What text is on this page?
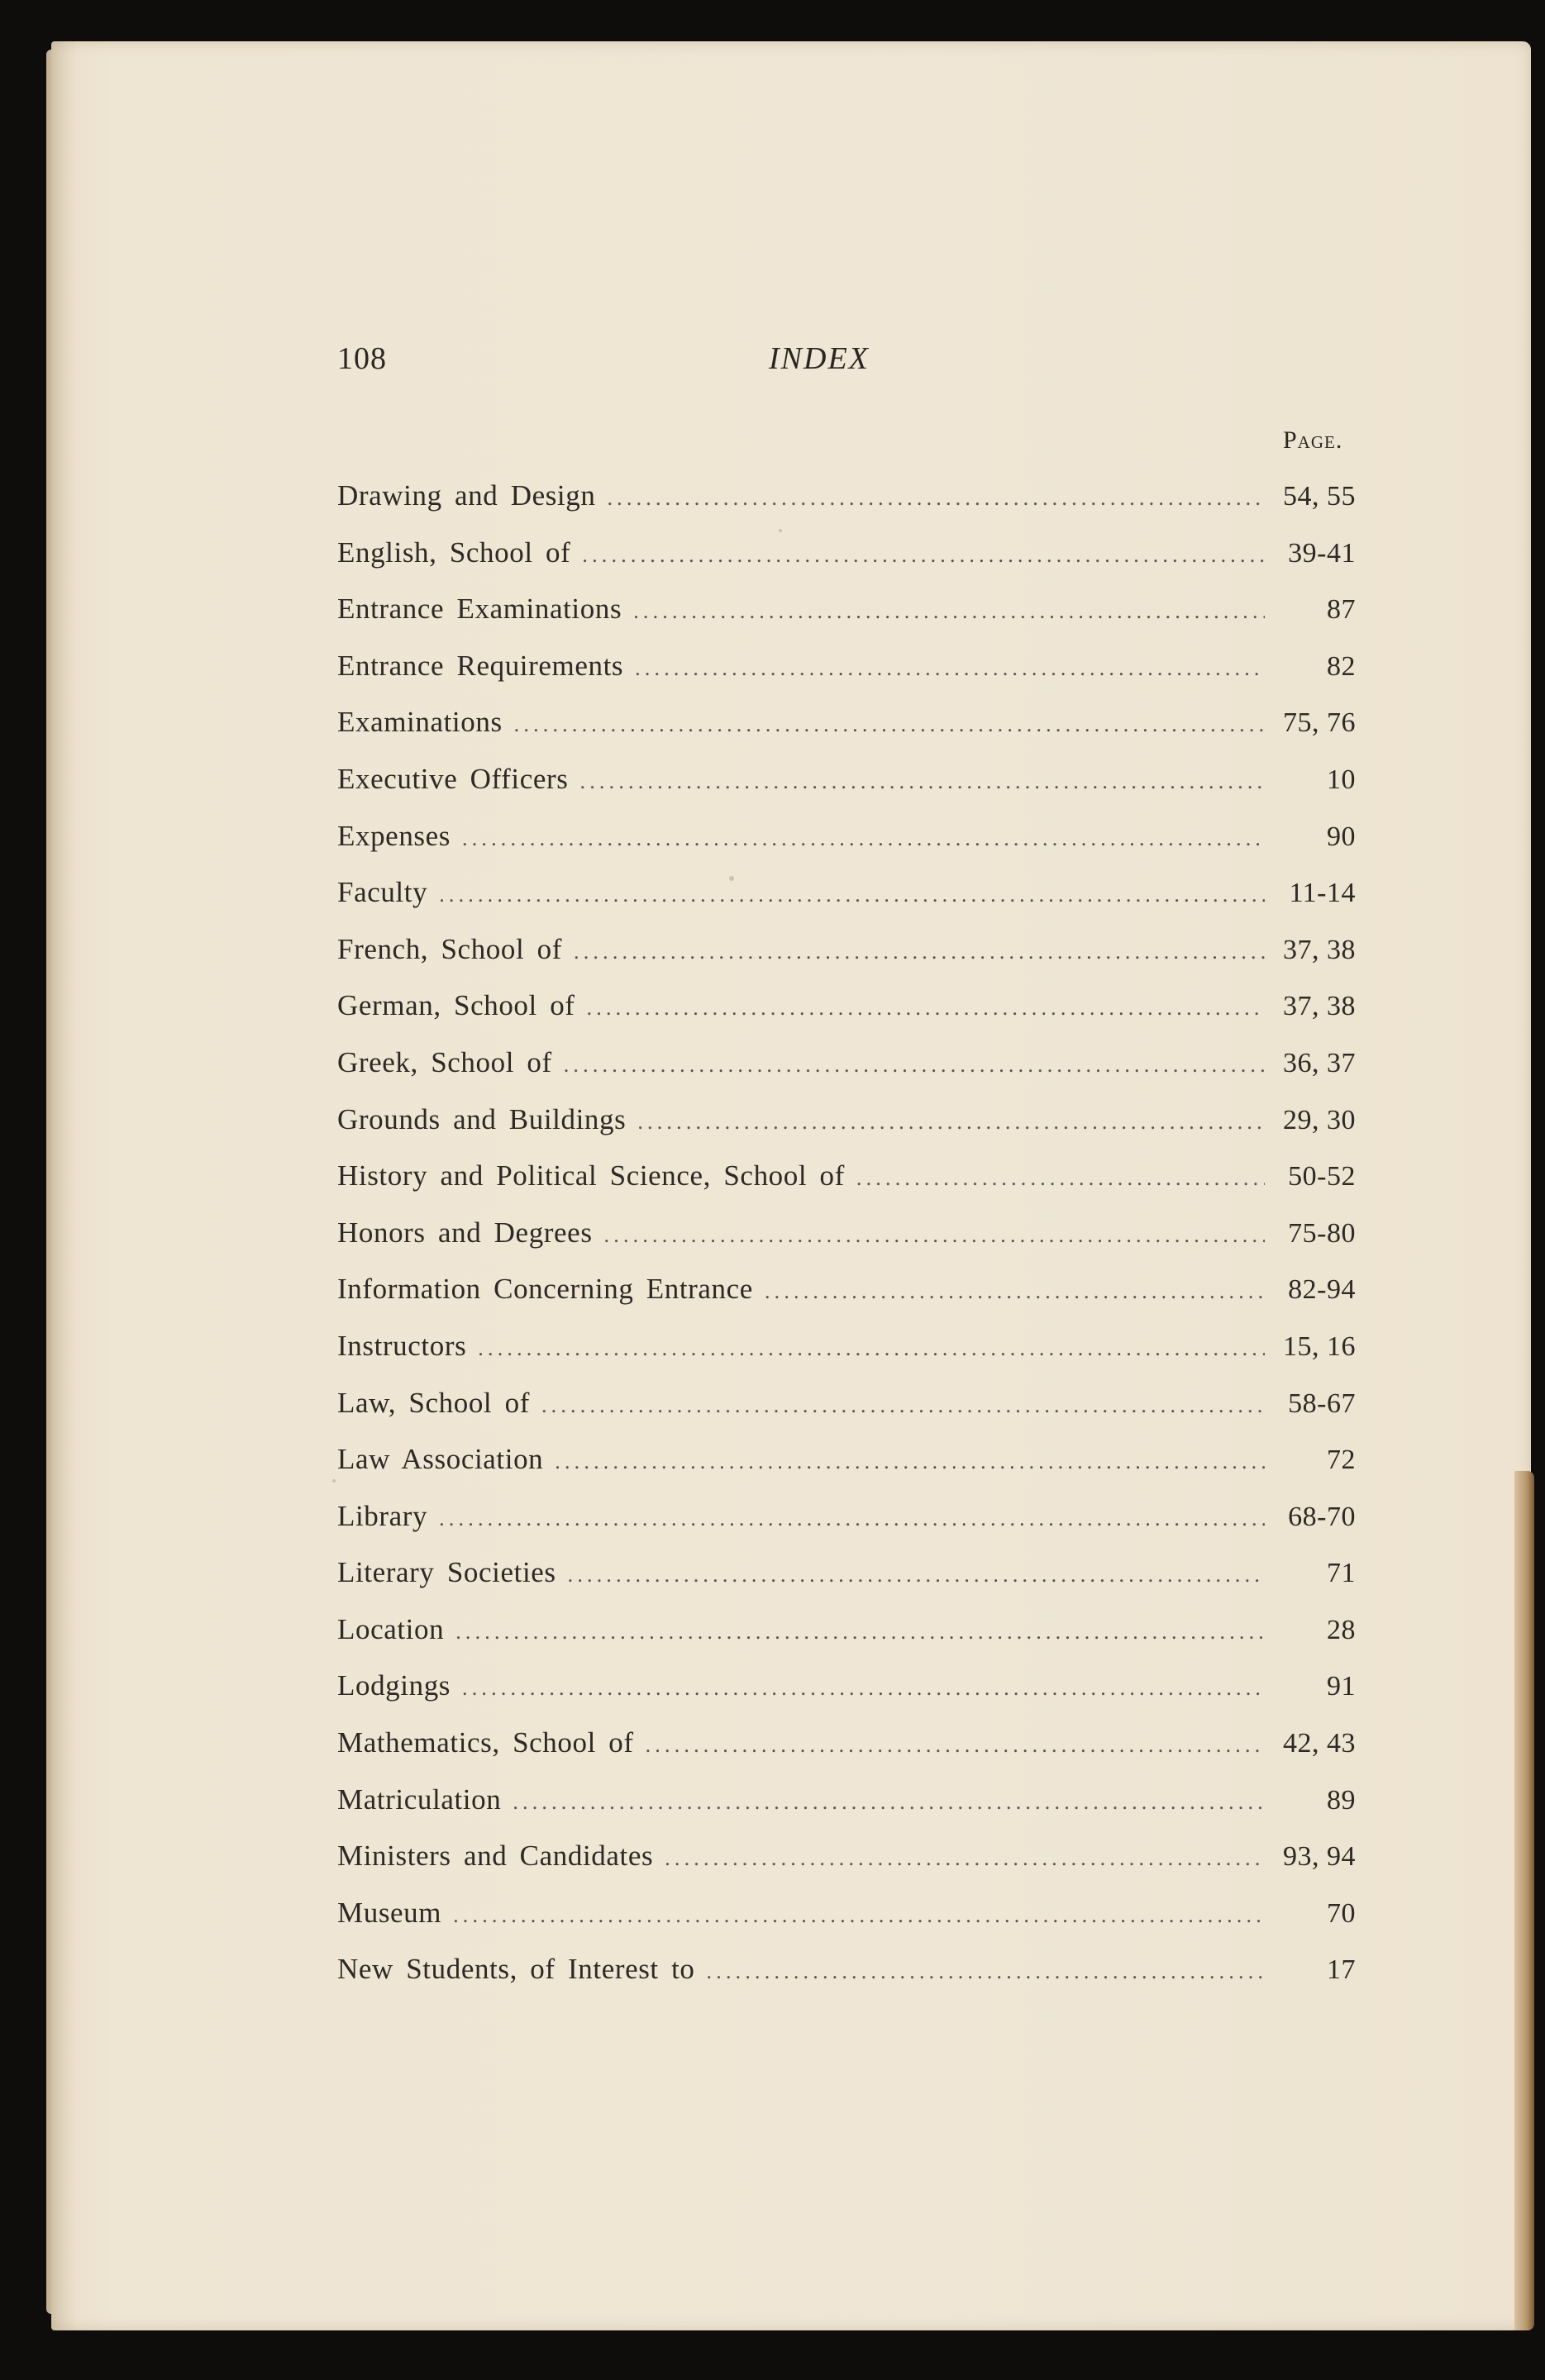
108	INDEX
Page.
Drawing and Design .....	54, 55
English, School of .....	39-41
Entrance Examinations .....	87
Entrance Requirements .....	82
Examinations .....	75, 76
Executive Officers .....	10
Expenses .....	90
Faculty .....	11-14
French, School of .....	37, 38
German, School of .....	37, 38
Greek, School of .....	36, 37
Grounds and Buildings .....	29, 30
History and Political Science, School of .....	50-52
Honors and Degrees .....	75-80
Information Concerning Entrance .....	82-94
Instructors .....	15, 16
Law, School of .....	58-67
Law Association .....	72
Library .....	68-70
Literary Societies .....	71
Location .....	28
Lodgings .....	91
Mathematics, School of .....	42, 43
Matriculation .....	89
Ministers and Candidates .....	93, 94
Museum .....	70
New Students, of Interest to .....	17
